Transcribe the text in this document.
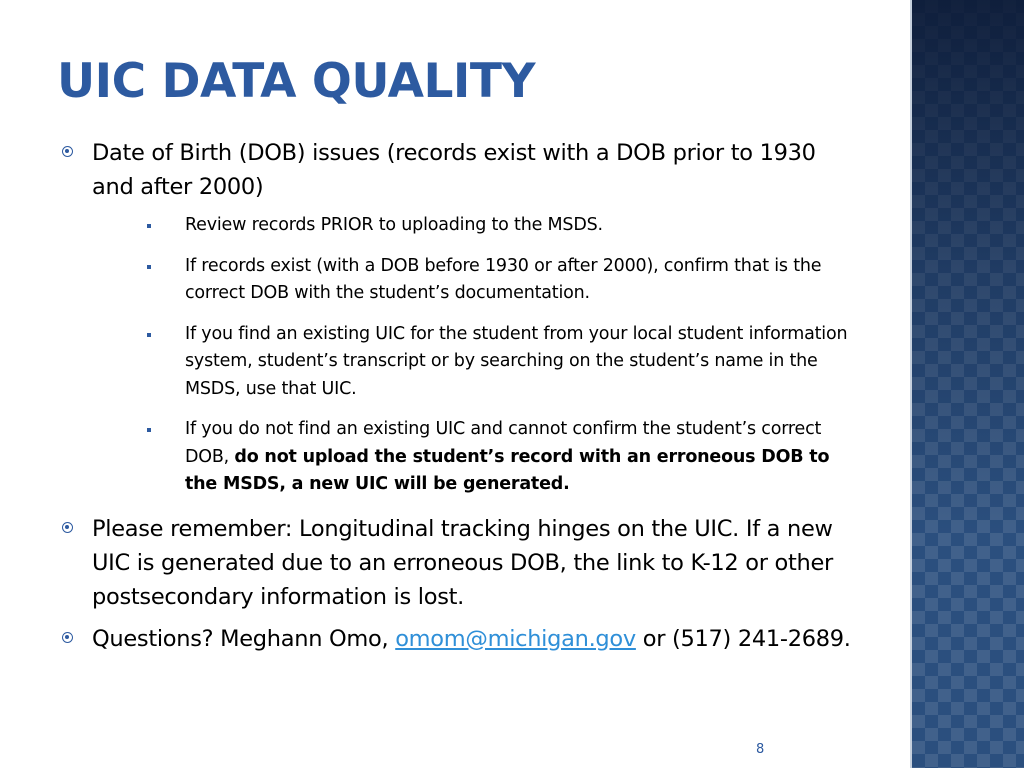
UIC DATA QUALITY
Date of Birth (DOB) issues (records exist with a DOB prior to 1930 and after 2000)
Review records PRIOR to uploading to the MSDS.
If records exist (with a DOB before 1930 or after 2000), confirm that is the correct DOB with the student’s documentation.
If you find an existing UIC for the student from your local student information system, student’s transcript or by searching on the student’s name in the MSDS, use that UIC.
If you do not find an existing UIC and cannot confirm the student’s correct DOB, do not upload the student’s record with an erroneous DOB to the MSDS, a new UIC will be generated.
Please remember: Longitudinal tracking hinges on the UIC. If a new UIC is generated due to an erroneous DOB, the link to K-12 or other postsecondary information is lost.
Questions? Meghann Omo, omom@michigan.gov or (517) 241-2689.
8
